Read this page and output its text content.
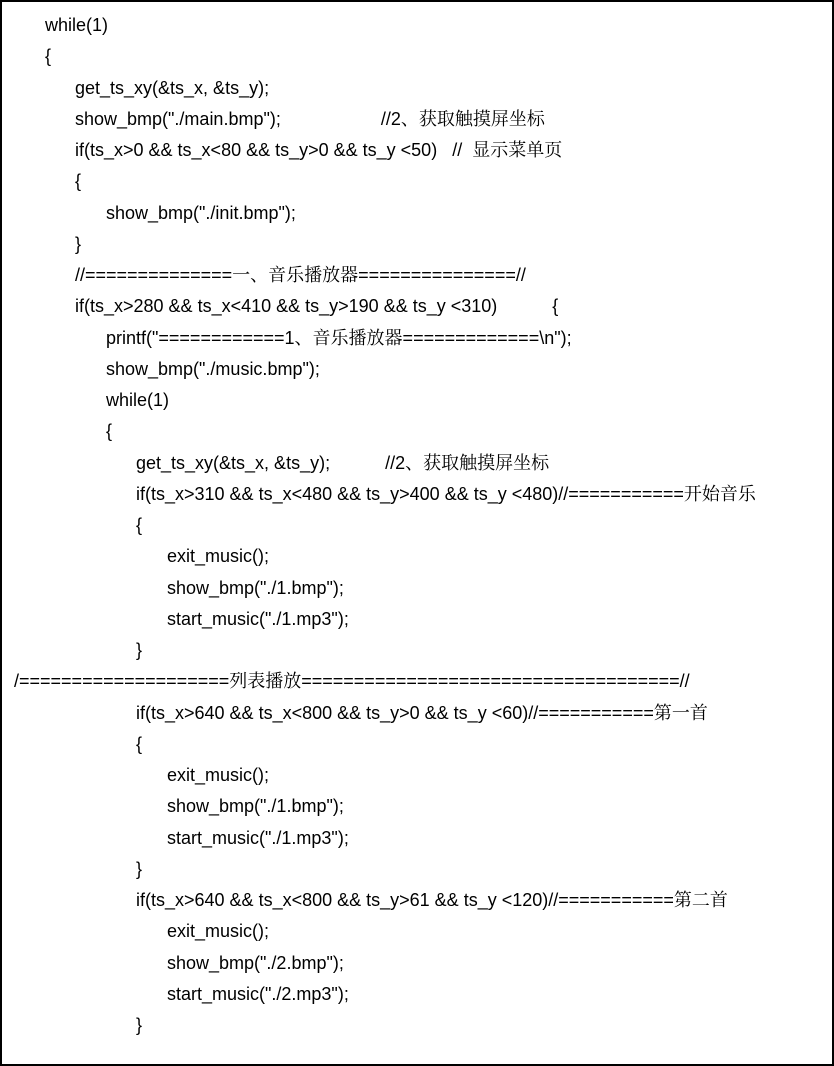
while(1)
{
get_ts_xy(&ts_x, &ts_y);
show_bmp("./main.bmp");                    //2、获取触摸屏坐标
if(ts_x>0 && ts_x<80 && ts_y>0 && ts_y <50)   //  显示菜单页
{
show_bmp("./init.bmp");
}
//==============一、音乐播放器===============//
if(ts_x>280 && ts_x<410 && ts_y>190 && ts_y <310)           {
printf("============1、音乐播放器=============\n");
show_bmp("./music.bmp");
while(1)
{
get_ts_xy(&ts_x, &ts_y);           //2、获取触摸屏坐标
if(ts_x>310 && ts_x<480 && ts_y>400 && ts_y <480)//===========开始音乐
{
exit_music();
show_bmp("./1.bmp");
start_music("./1.mp3");
}
/====================列表播放====================================//
if(ts_x>640 && ts_x<800 && ts_y>0 && ts_y <60)//===========第一首
{
exit_music();
show_bmp("./1.bmp");
start_music("./1.mp3");
}
if(ts_x>640 && ts_x<800 && ts_y>61 && ts_y <120)//===========第二首
exit_music();
show_bmp("./2.bmp");
start_music("./2.mp3");
}
